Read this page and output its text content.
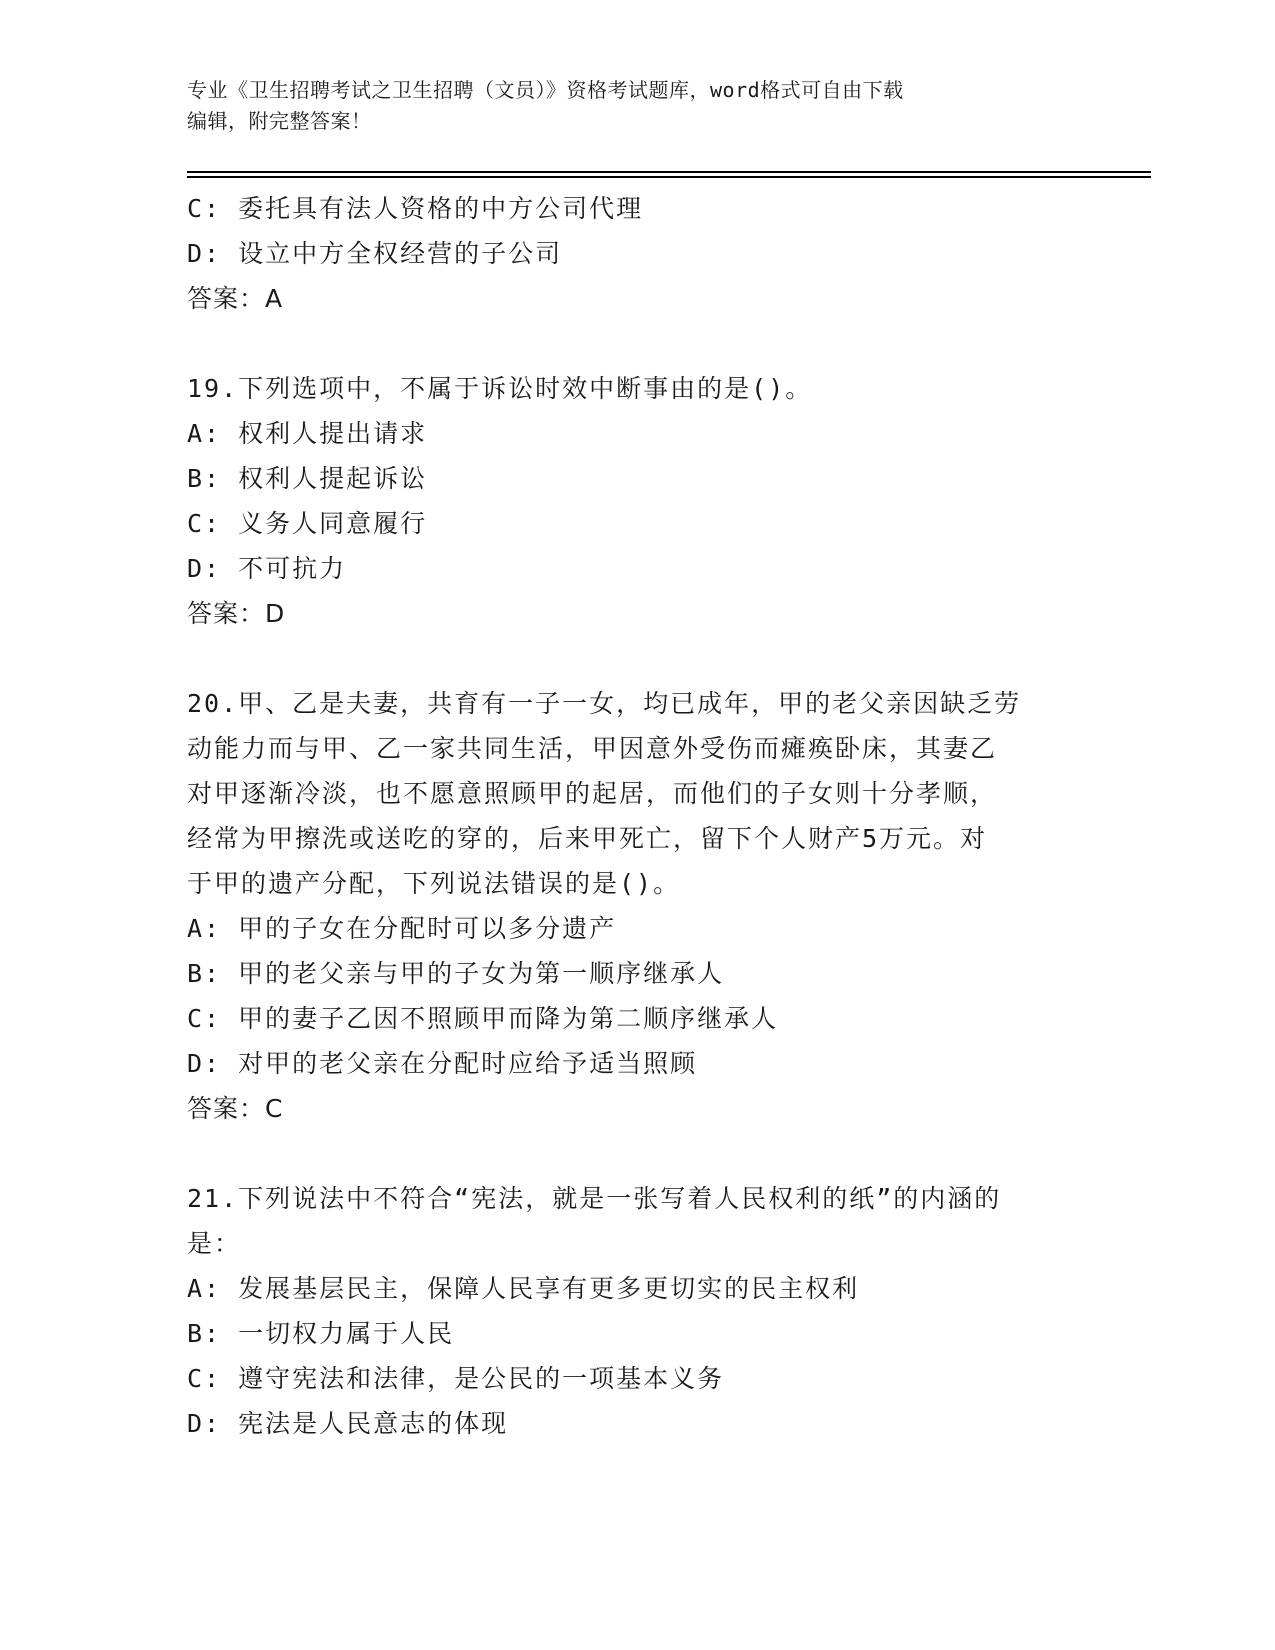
专业《卫生招聘考试之卫生招聘（文员）》资格考试题库，word格式可自由下载
编辑，附完整答案！
C: 委托具有法人资格的中方公司代理
D: 设立中方全权经营的子公司
答案：A
19.下列选项中，不属于诉讼时效中断事由的是()。
A: 权利人提出请求
B: 权利人提起诉讼
C: 义务人同意履行
D: 不可抗力
答案：D
20.甲、乙是夫妻，共育有一子一女，均已成年，甲的老父亲因缺乏劳
动能力而与甲、乙一家共同生活，甲因意外受伤而瘫痪卧床，其妻乙
对甲逐渐冷淡，也不愿意照顾甲的起居，而他们的子女则十分孝顺，
经常为甲擦洗或送吃的穿的，后来甲死亡，留下个人财产5万元。对
于甲的遗产分配，下列说法错误的是()。
A: 甲的子女在分配时可以多分遗产
B: 甲的老父亲与甲的子女为第一顺序继承人
C: 甲的妻子乙因不照顾甲而降为第二顺序继承人
D: 对甲的老父亲在分配时应给予适当照顾
答案：C
21.下列说法中不符合“宪法，就是一张写着人民权利的纸”的内涵的
是：
A: 发展基层民主，保障人民享有更多更切实的民主权利
B: 一切权力属于人民
C: 遵守宪法和法律，是公民的一项基本义务
D: 宪法是人民意志的体现
